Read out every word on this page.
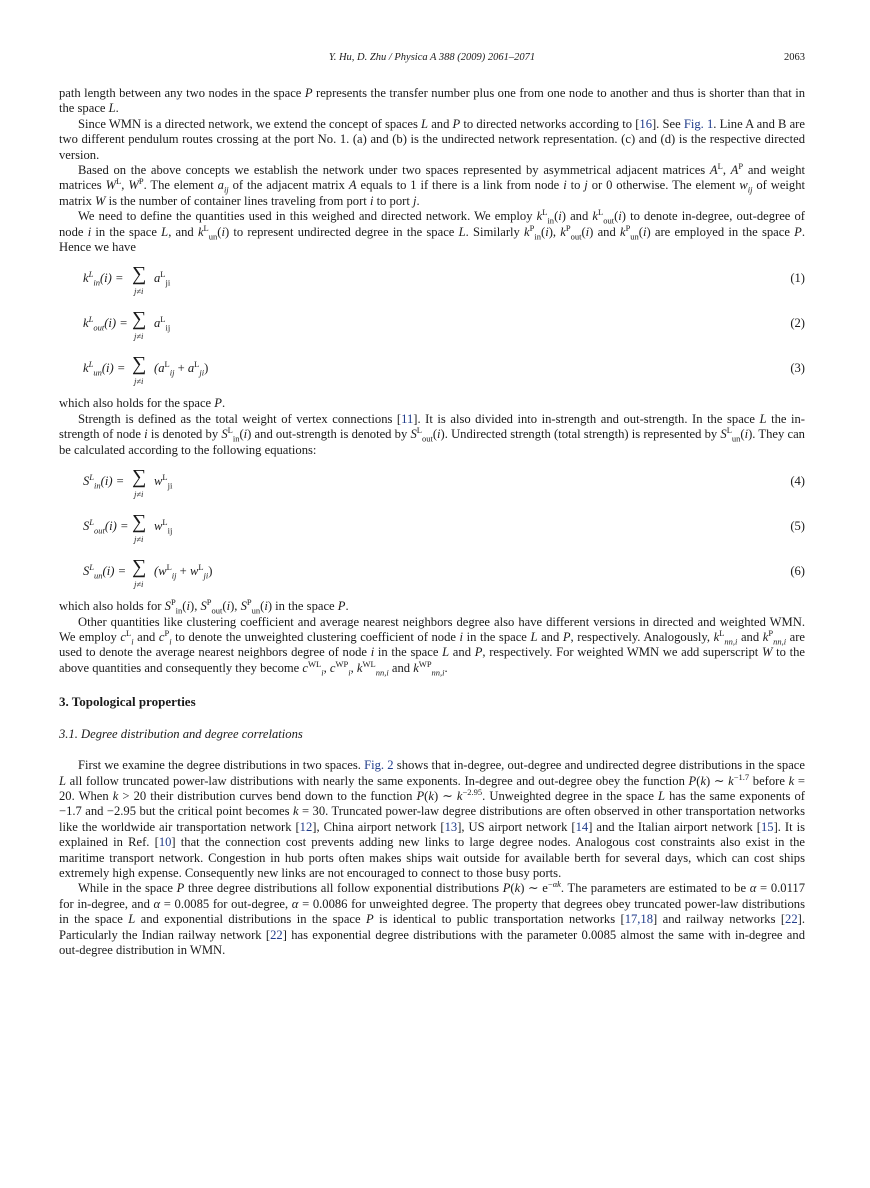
Y. Hu, D. Zhu / Physica A 388 (2009) 2061–2071	2063

path length between any two nodes in the space P represents the transfer number plus one from one node to another and thus is shorter than that in the space L.

Since WMN is a directed network, we extend the concept of spaces L and P to directed networks according to [16]. See Fig. 1. Line A and B are two different pendulum routes crossing at the port No. 1. (a) and (b) is the undirected network representation. (c) and (d) is the respective directed version.

Based on the above concepts we establish the network under two spaces represented by asymmetrical adjacent matrices $A^L$, $A^P$ and weight matrices $W^L$, $W^P$. The element $a_{ij}$ of the adjacent matrix A equals to 1 if there is a link from node i to j or 0 otherwise. The element $w_{ij}$ of weight matrix W is the number of container lines traveling from port i to port j.

We need to define the quantities used in this weighed and directed network. We employ $k^L_{in}(i)$ and $k^L_{out}(i)$ to denote in-degree, out-degree of node i in the space L, and $k^L_{un}(i)$ to represent undirected degree in the space L. Similarly $k^P_{in}(i)$, $k^P_{out}(i)$ and $k^P_{un}(i)$ are employed in the space P. Hence we have

$k^L_{in}(i)$ = ∑
j≠i
$a^L_{ji}$	(1)
$k^L_{out}(i)$ = ∑
j≠i
$a^L_{ij}$	(2)
$k^L_{un}(i)$ = ∑
j≠i
$(a^L_{ij} + a^L_{ji})$	(3)

which also holds for the space P.

Strength is defined as the total weight of vertex connections [11]. It is also divided into in-strength and out-strength. In the space L the in-strength of node i is denoted by $S^L_{in}(i)$ and out-strength is denoted by $S^L_{out}(i)$. Undirected strength (total strength) is represented by $S^L_{un}(i)$. They can be calculated according to the following equations:

$S^L_{in}(i)$ = ∑
j≠i
$w^L_{ji}$	(4)
$S^L_{out}(i)$ = ∑
j≠i
$w^L_{ij}$	(5)
$S^L_{un}(i)$ = ∑
j≠i
$(w^L_{ij} + w^L_{ji})$	(6)

which also holds for $S^P_{in}(i)$, $S^P_{out}(i)$, $S^P_{un}(i)$ in the space P.

Other quantities like clustering coefficient and average nearest neighbors degree also have different versions in directed and weighted WMN. We employ $c^L_i$ and $c^P_i$ to denote the unweighted clustering coefficient of node i in the space L and P, respectively. Analogously, $k^L_{nn,i}$ and $k^P_{nn,i}$ are used to denote the average nearest neighbors degree of node i in the space L and P, respectively. For weighted WMN we add superscript W to the above quantities and consequently they become $c^{WL}_i$, $c^{WP}_i$, $k^{WL}_{nn,i}$ and $k^{WP}_{nn,i}$.

3. Topological properties
3.1. Degree distribution and degree correlations

First we examine the degree distributions in two spaces. Fig. 2 shows that in-degree, out-degree and undirected degree distributions in the space L all follow truncated power-law distributions with nearly the same exponents. In-degree and out-degree obey the function P(k) ∼ $k^{-1.7}$ before k = 20. When k > 20 their distribution curves bend down to the function P(k) ∼ $k^{-2.95}$. Unweighted degree in the space L has the same exponents of −1.7 and −2.95 but the critical point becomes k = 30. Truncated power-law degree distributions are often observed in other transportation networks like the worldwide air transportation network [12], China airport network [13], US airport network [14] and the Italian airport network [15]. It is explained in Ref. [10] that the connection cost prevents adding new links to large degree nodes. Analogous cost constraints also exist in the maritime transport network. Congestion in hub ports often makes ships wait outside for available berth for several days, which can cost ships extremely high expense. Consequently new links are not encouraged to connect to those busy ports.

While in the space P three degree distributions all follow exponential distributions P(k) ∼ $e^{-\alpha k}$. The parameters are estimated to be α = 0.0117 for in-degree, and α = 0.0085 for out-degree, α = 0.0086 for unweighted degree. The property that degrees obey truncated power-law distributions in the space L and exponential distributions in the space P is identical to public transportation networks [17,18] and railway networks [22]. Particularly the Indian railway network [22] has exponential degree distributions with the parameter 0.0085 almost the same with in-degree and out-degree distribution in WMN.
